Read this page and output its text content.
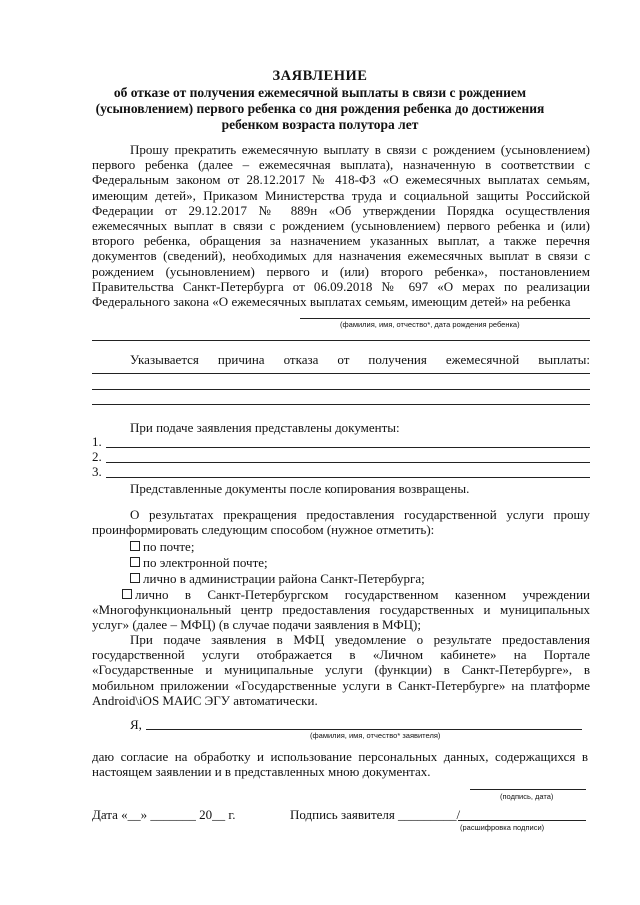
ЗАЯВЛЕНИЕ
об отказе от получения ежемесячной выплаты в связи с рождением
(усыновлением) первого ребенка со дня рождения ребенка до достижения
ребенком возраста полутора лет

Прошу прекратить ежемесячную выплату в связи с рождением (усыновлением) первого ребенка (далее – ежемесячная выплата), назначенную в соответствии с Федеральным законом от 28.12.2017 № 418-ФЗ «О ежемесячных выплатах семьям, имеющим детей», Приказом Министерства труда и социальной защиты Российской Федерации от 29.12.2017 № 889н «Об утверждении Порядка осуществления ежемесячных выплат в связи с рождением (усыновлением) первого ребенка и (или) второго ребенка, обращения за назначением указанных выплат, а также перечня документов (сведений), необходимых для назначения ежемесячных выплат в связи с рождением (усыновлением) первого и (или) второго ребенка», постановлением Правительства Санкт-Петербурга от 06.09.2018 № 697 «О мерах по реализации Федерального закона «О ежемесячных выплатах семьям, имеющим детей» на ребенка

(фамилия, имя, отчество*, дата рождения ребенка)
Указывается причина отказа от получения ежемесячной выплаты:
При подаче заявления представлены документы:
1.
2.
3.
Представленные документы после копирования возвращены.

О результатах прекращения предоставления государственной услуги прошу проинформировать следующим способом (нужное отметить):

по почте;
по электронной почте;
лично в администрации района Санкт-Петербурга;
лично в Санкт-Петербургском государственном казенном учреждении «Многофункциональный центр предоставления государственных и муниципальных услуг» (далее – МФЦ) (в случае подачи заявления в МФЦ);

При подаче заявления в МФЦ уведомление о результате предоставления государственной услуги отображается в «Личном кабинете» на Портале «Государственные и муниципальные услуги (функции) в Санкт-Петербурге», в мобильном приложении «Государственные услуги в Санкт-Петербурге» на платформе Android\iOS МАИС ЭГУ автоматически.

Я,
(фамилия, имя, отчество* заявителя)

даю согласие на обработку и использование персональных данных, содержащихся в настоящем заявлении и в представленных мною документах.

(подпись, дата)
Дата «__» _______ 20__ г.	Подпись заявителя _________/
(расшифровка подписи)
